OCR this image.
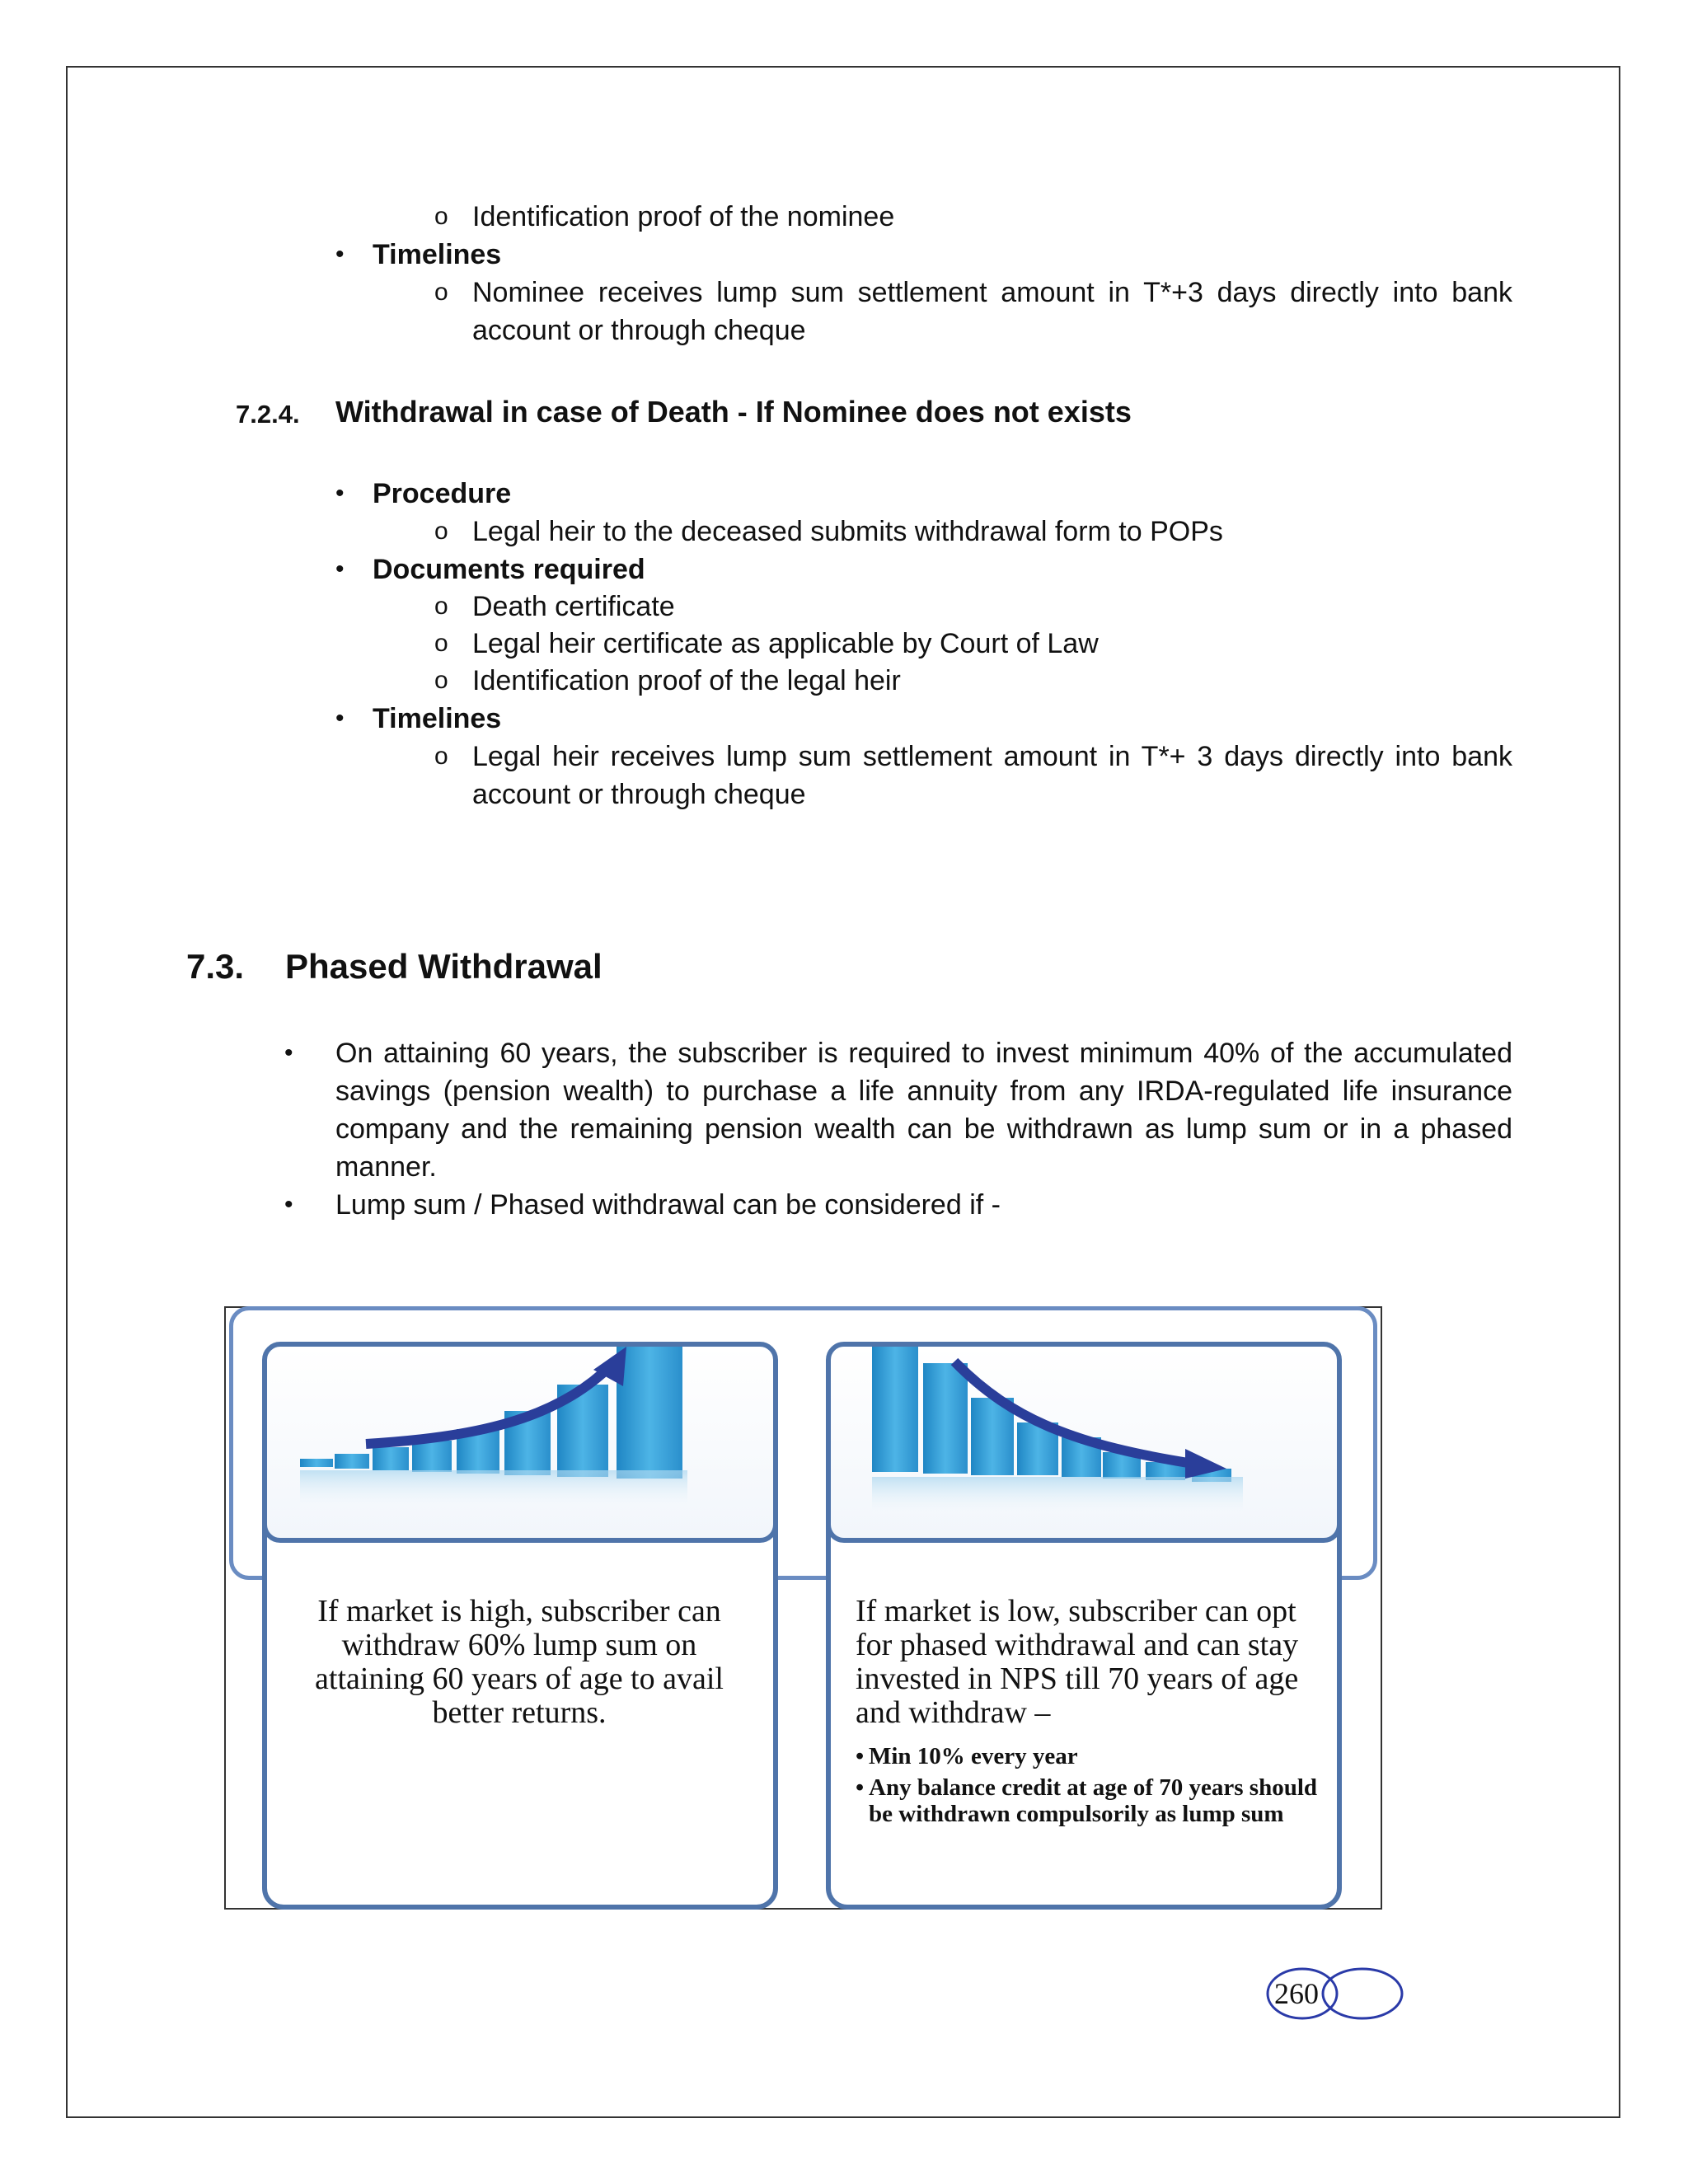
o Identification proof of the nominee
• Timelines
o Nominee receives lump sum settlement amount in T*+3 days directly into bank account or through cheque
7.2.4. Withdrawal in case of Death - If Nominee does not exists
• Procedure
o Legal heir to the deceased submits withdrawal form to POPs
• Documents required
o Death certificate
o Legal heir certificate as applicable by Court of Law
o Identification proof of the legal heir
• Timelines
o Legal heir receives lump sum settlement amount in T*+ 3 days directly into bank account or through cheque
7.3. Phased Withdrawal
• On attaining 60 years, the subscriber is required to invest minimum 40% of the accumulated savings (pension wealth) to purchase a life annuity from any IRDA-regulated life insurance company and the remaining pension wealth can be withdrawn as lump sum or in a phased manner.
• Lump sum / Phased withdrawal can be considered if -
If market is high, subscriber can withdraw 60% lump sum on attaining 60 years of age to avail better returns.
If market is low, subscriber can opt for phased withdrawal and can stay invested in NPS till 70 years of age and withdraw –
• Min 10% every year
• Any balance credit at age of 70 years should be withdrawn compulsorily as lump sum
260
